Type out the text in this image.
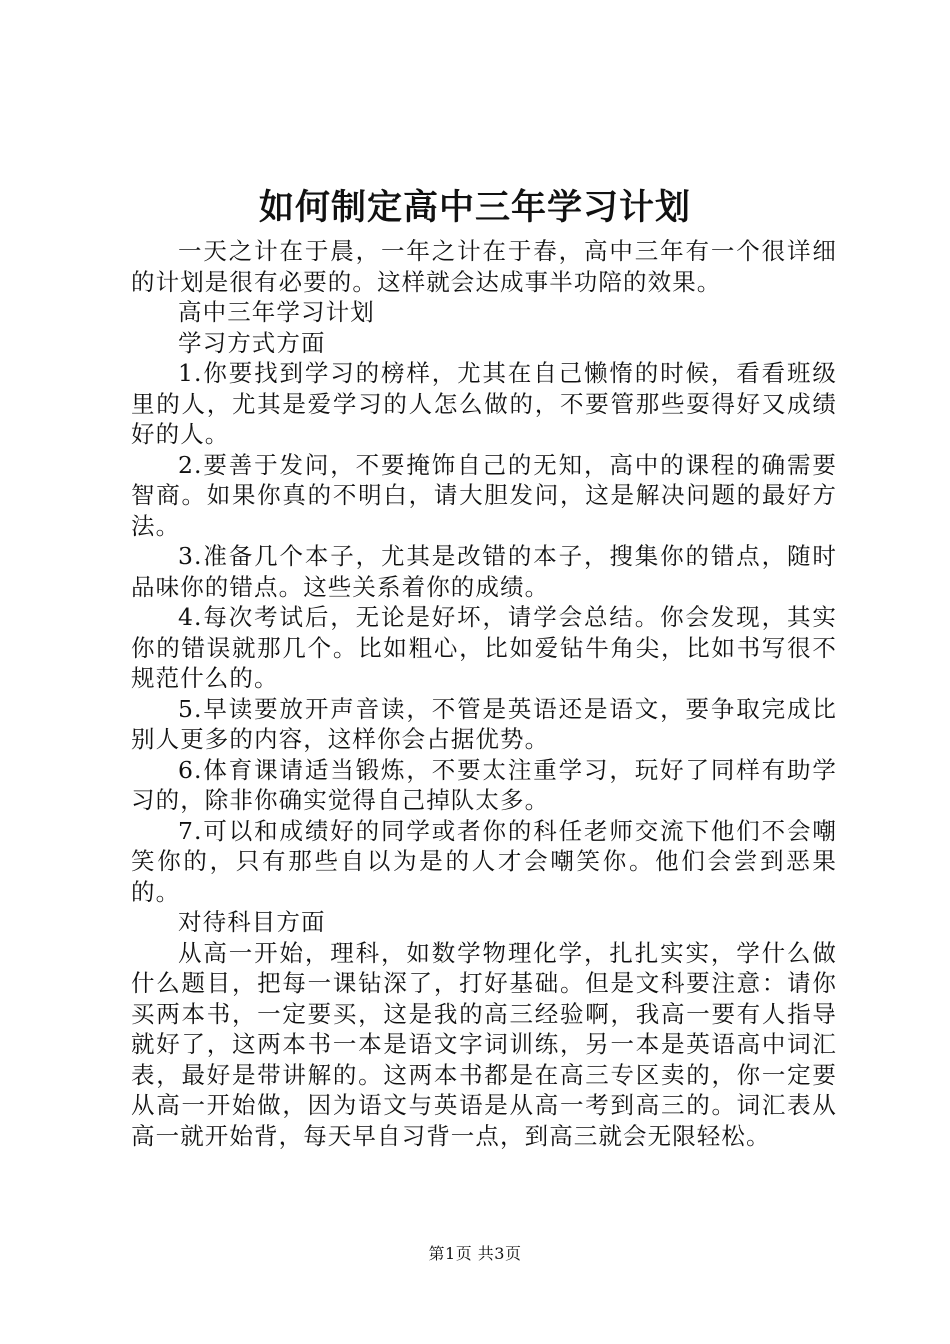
如何制定高中三年学习计划

一天之计在于晨，一年之计在于春，高中三年有一个很详细的计划是很有必要的。这样就会达成事半功陪的效果。

高中三年学习计划

学习方式方面

1.你要找到学习的榜样，尤其在自己懒惰的时候，看看班级里的人，尤其是爱学习的人怎么做的，不要管那些耍得好又成绩好的人。

2.要善于发问，不要掩饰自己的无知，高中的课程的确需要智商。如果你真的不明白，请大胆发问，这是解决问题的最好方法。

3.准备几个本子，尤其是改错的本子，搜集你的错点，随时品味你的错点。这些关系着你的成绩。

4.每次考试后，无论是好坏，请学会总结。你会发现，其实你的错误就那几个。比如粗心，比如爱钻牛角尖，比如书写很不规范什么的。

5.早读要放开声音读，不管是英语还是语文，要争取完成比别人更多的内容，这样你会占据优势。

6.体育课请适当锻炼，不要太注重学习，玩好了同样有助学习的，除非你确实觉得自己掉队太多。

7.可以和成绩好的同学或者你的科任老师交流下他们不会嘲笑你的，只有那些自以为是的人才会嘲笑你。他们会尝到恶果的。

对待科目方面

从高一开始，理科，如数学物理化学，扎扎实实，学什么做什么题目，把每一课钻深了，打好基础。但是文科要注意：请你买两本书，一定要买，这是我的高三经验啊，我高一要有人指导就好了，这两本书一本是语文字词训练，另一本是英语高中词汇表，最好是带讲解的。这两本书都是在高三专区卖的，你一定要从高一开始做，因为语文与英语是从高一考到高三的。词汇表从高一就开始背，每天早自习背一点，到高三就会无限轻松。

第1页 共3页
